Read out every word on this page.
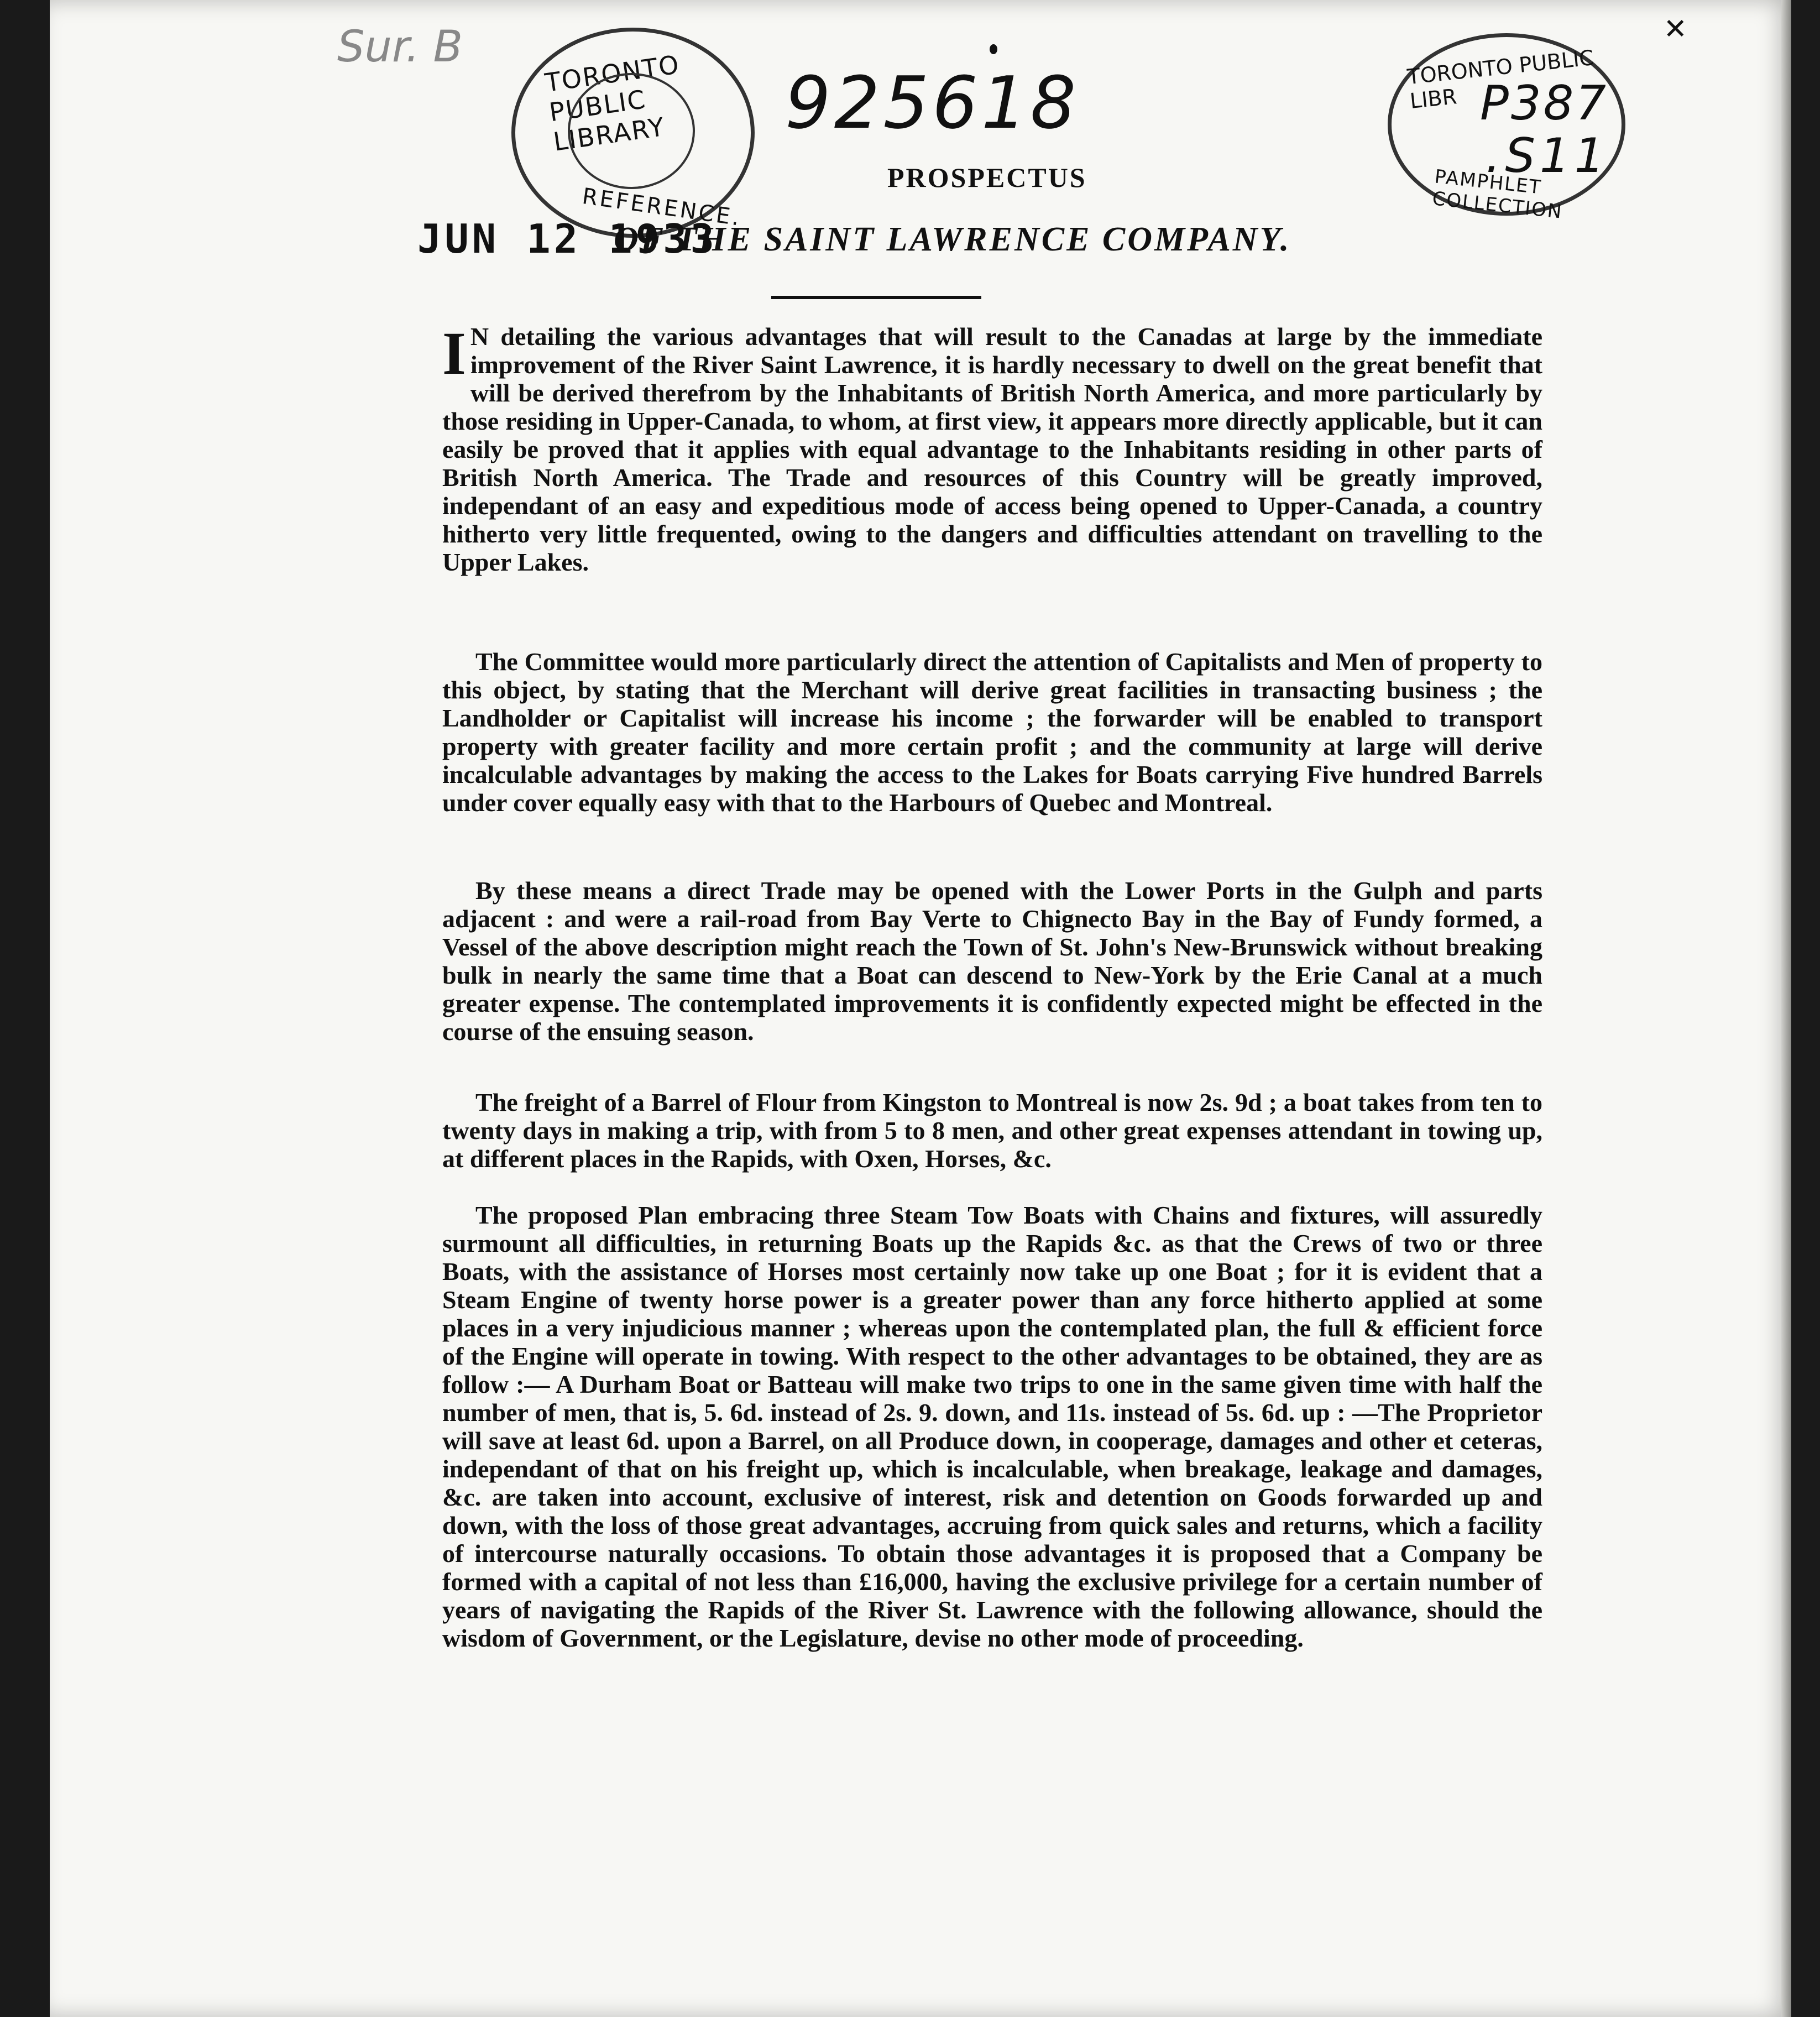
×
Sur. B
TORONTO PUBLIC LIBRARY
REFERENCE.
925618	TORONTO PUBLIC LIBR P387
.S11
PAMPHLET COLLECTION
JUN 12 1933
PROSPECTUS
OF THE SAINT LAWRENCE COMPANY.
I N detailing the various advantages that will result to the Canadas at large by the immediate improvement of the River Saint Lawrence, it is hardly necessary to dwell on the great benefit that will be derived therefrom by the Inhabitants of British North America, and more particularly by those residing in Upper-Canada, to whom, at first view, it appears more directly applicable, but it can easily be proved that it applies with equal advantage to the Inhabitants residing in other parts of British North America. The Trade and resources of this Country will be greatly improved, independant of an easy and expeditious mode of access being opened to Upper-Canada, a country hitherto very little frequented, owing to the dangers and difficulties attendant on travelling to the Upper Lakes.
The Committee would more particularly direct the attention of Capitalists and Men of property to this object, by stating that the Merchant will derive great facilities in transacting business ; the Landholder or Capitalist will increase his income ; the forwarder will be enabled to transport property with greater facility and more certain profit ; and the community at large will derive incalculable advantages by making the access to the Lakes for Boats carrying Five hundred Barrels under cover equally easy with that to the Harbours of Quebec and Montreal.
By these means a direct Trade may be opened with the Lower Ports in the Gulph and parts adjacent : and were a rail-road from Bay Verte to Chignecto Bay in the Bay of Fundy formed, a Vessel of the above description might reach the Town of St. John's New-Brunswick without breaking bulk in nearly the same time that a Boat can descend to New-York by the Erie Canal at a much greater expense. The contemplated improvements it is confidently expected might be effected in the course of the ensuing season.
The freight of a Barrel of Flour from Kingston to Montreal is now 2s. 9d ; a boat takes from ten to twenty days in making a trip, with from 5 to 8 men, and other great expenses attendant in towing up, at different places in the Rapids, with Oxen, Horses, &c.
The proposed Plan embracing three Steam Tow Boats with Chains and fixtures, will assuredly surmount all difficulties, in returning Boats up the Rapids &c. as that the Crews of two or three Boats, with the assistance of Horses most certainly now take up one Boat ; for it is evident that a Steam Engine of twenty horse power is a greater power than any force hitherto applied at some places in a very injudicious manner ; whereas upon the contemplated plan, the full & efficient force of the Engine will operate in towing. With respect to the other advantages to be obtained, they are as follow :— A Durham Boat or Batteau will make two trips to one in the same given time with half the number of men, that is, 5. 6d. instead of 2s. 9. down, and 11s. instead of 5s. 6d. up : —The Proprietor will save at least 6d. upon a Barrel, on all Produce down, in cooperage, damages and other et ceteras, independant of that on his freight up, which is incalculable, when breakage, leakage and damages, &c. are taken into account, exclusive of interest, risk and detention on Goods forwarded up and down, with the loss of those great advantages, accruing from quick sales and returns, which a facility of intercourse naturally occasions. To obtain those advantages it is proposed that a Company be formed with a capital of not less than £16,000, having the exclusive privilege for a certain number of years of navigating the Rapids of the River St. Lawrence with the following allowance, should the wisdom of Government, or the Legislature, devise no other mode of proceeding.
